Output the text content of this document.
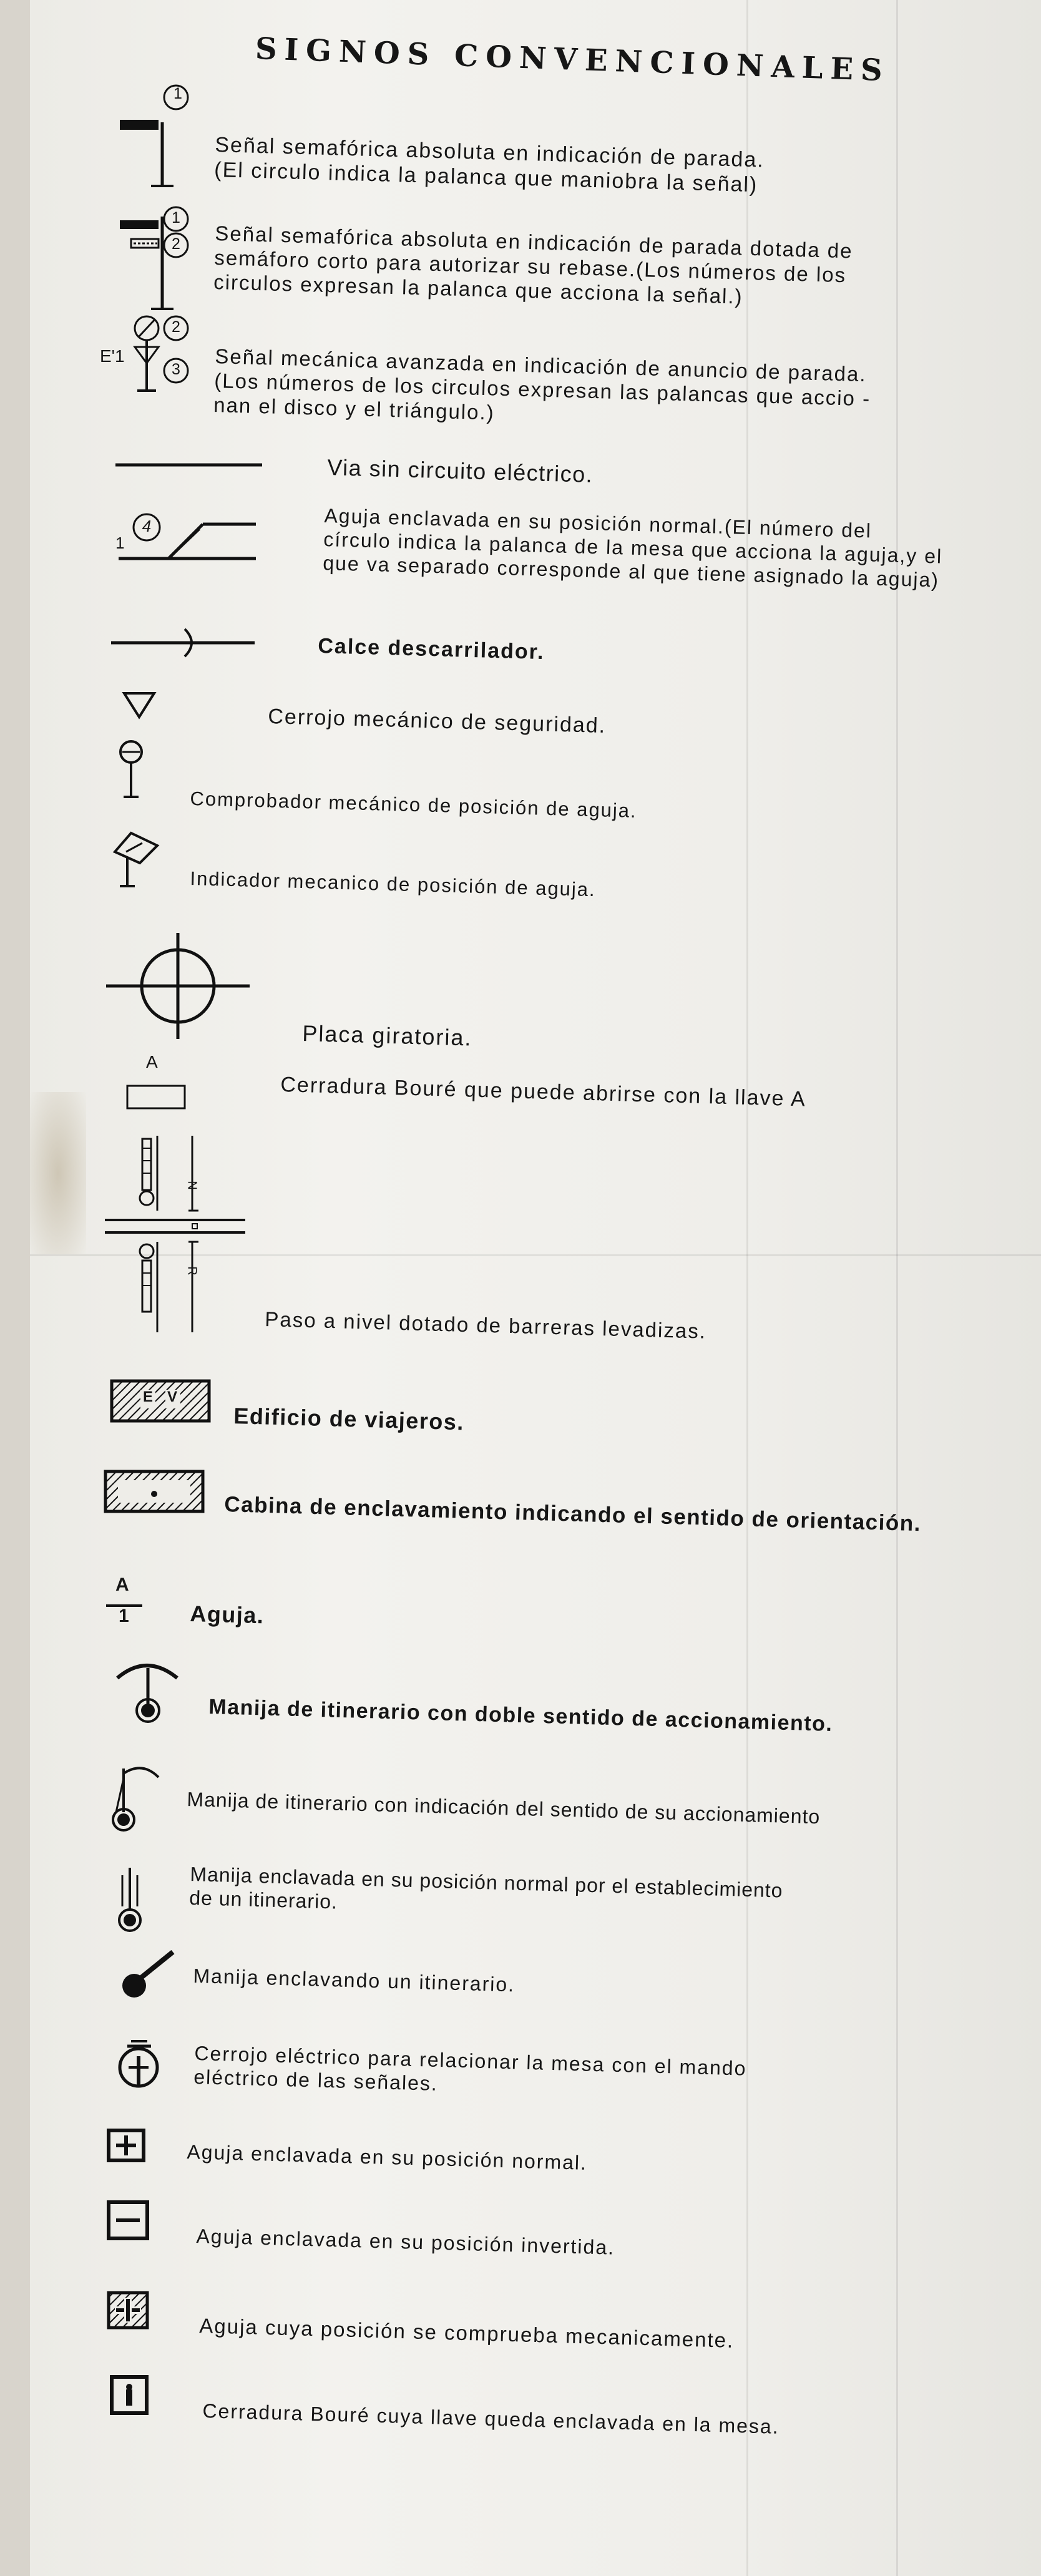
SIGNOS CONVENCIONALES
1
Señal semafórica absoluta en indicación de parada.
(El circulo indica la palanca que maniobra la señal)
1
2 Señal semafórica absoluta en indicación de parada dotada de
semáforo corto para autorizar su rebase.(Los números de los
circulos expresan la palanca que acciona la señal.)
E'1
2
3 Señal mecánica avanzada en indicación de anuncio de parada.
(Los números de los circulos expresan las palancas que accio -
nan el disco y el triángulo.)
Via sin circuito eléctrico.
4
1
Aguja enclavada en su posición normal.(El número del
círculo indica la palanca de la mesa que acciona la aguja,y el
que va separado corresponde al que tiene asignado la aguja)
Calce descarrilador.
Cerrojo mecánico de seguridad.
Comprobador mecánico de posición de aguja.
Indicador mecanico de posición de aguja.
Placa giratoria.
A
Cerradura Bouré que puede abrirse con la llave A
N
R
Paso a nivel dotado de barreras levadizas.
E V
Edificio de viajeros.
Cabina de enclavamiento indicando el sentido de orientación.
A
1	Aguja.
Manija de itinerario con doble sentido de accionamiento.
Manija de itinerario con indicación del sentido de su accionamiento
Manija enclavada en su posición normal por el establecimiento
de un itinerario.
Manija enclavando un itinerario.
Cerrojo eléctrico para relacionar la mesa con el mando
eléctrico de las señales.
Aguja enclavada en su posición normal.
Aguja enclavada en su posición invertida.
Aguja cuya posición se comprueba mecanicamente.
Cerradura Bouré cuya llave queda enclavada en la mesa.
